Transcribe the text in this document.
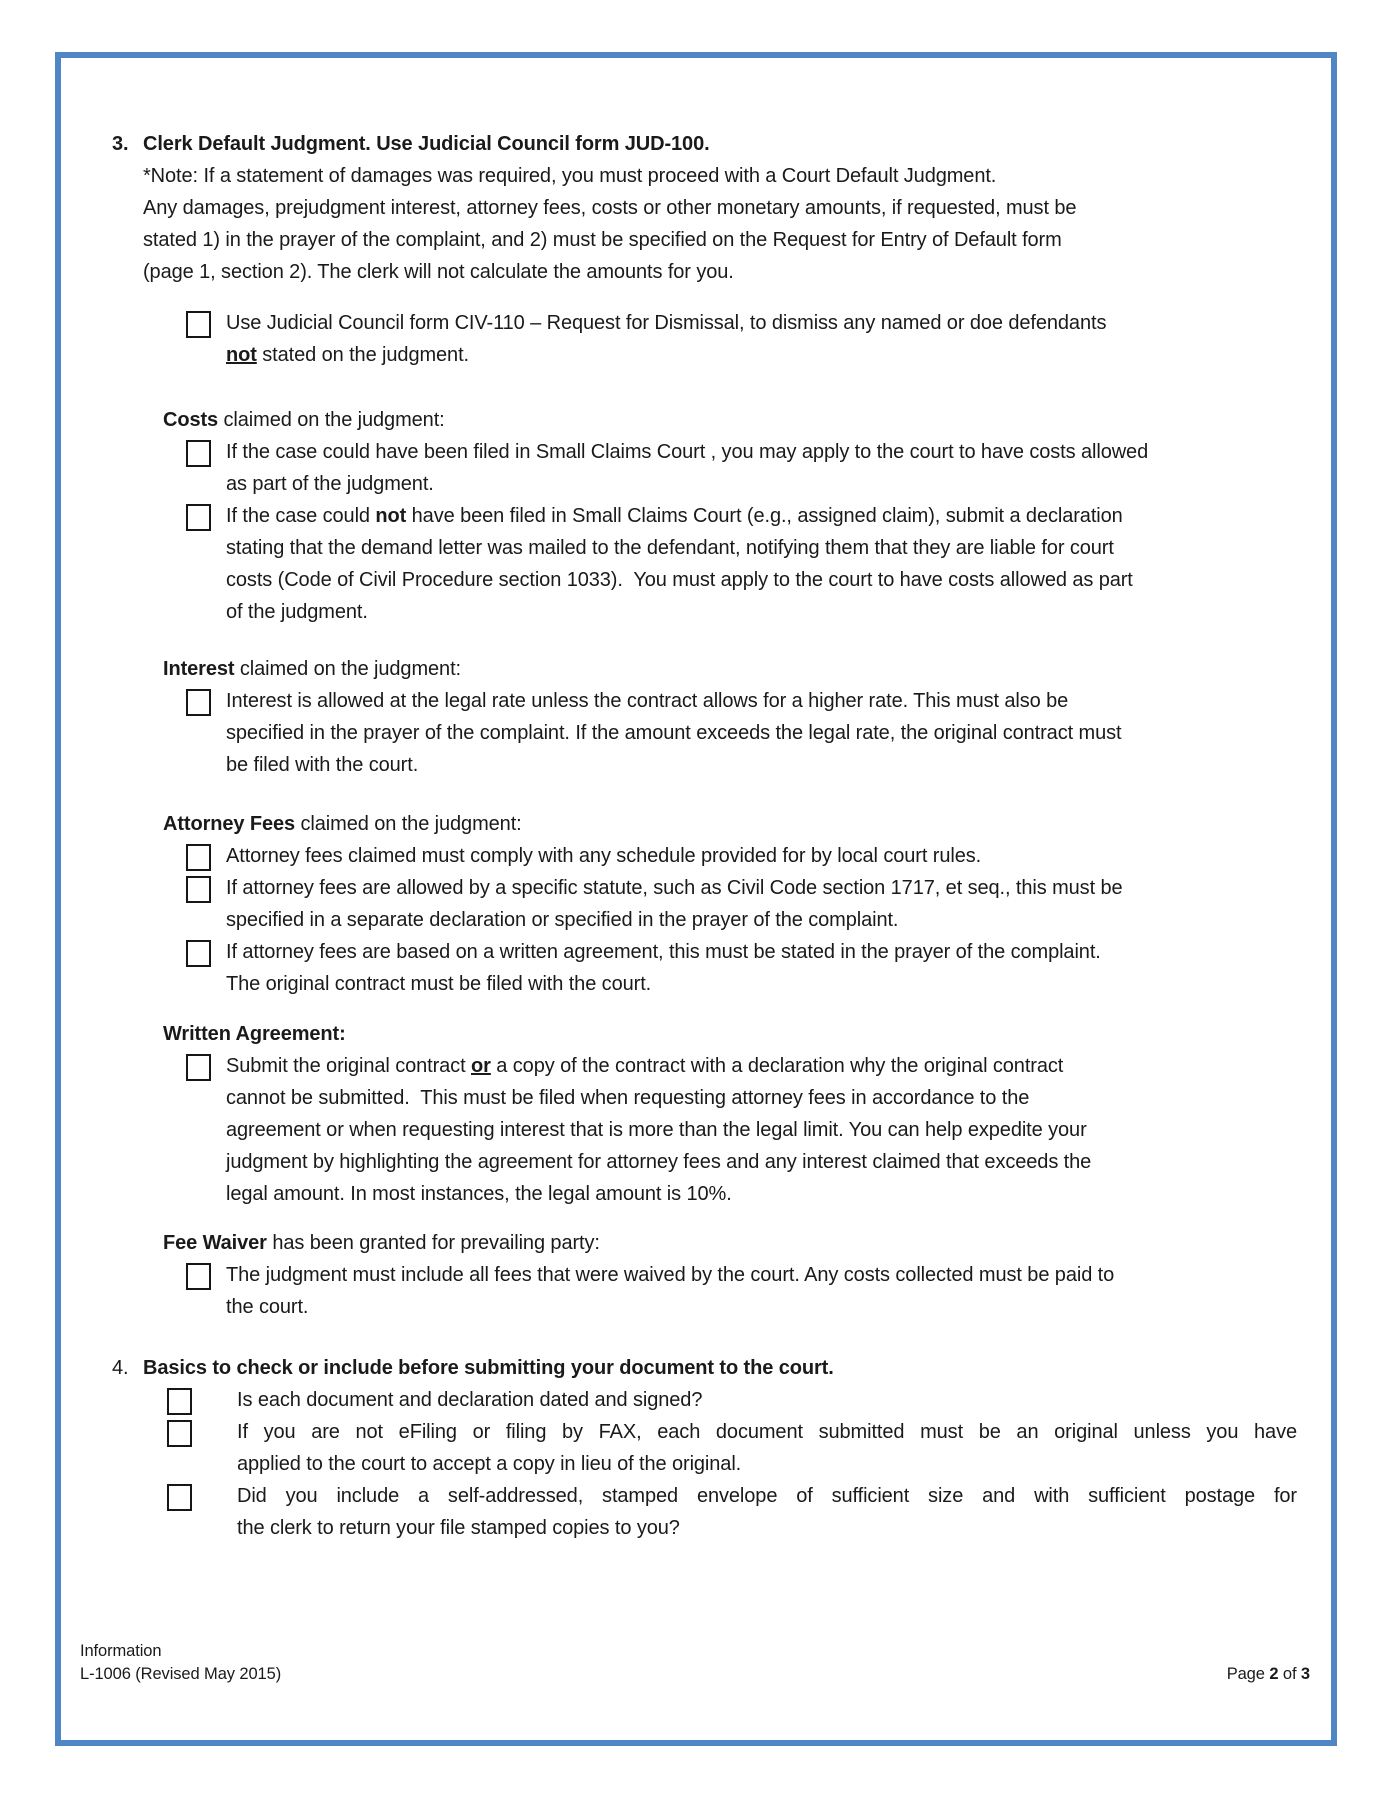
3. Clerk Default Judgment. Use Judicial Council form JUD-100.
*Note: If a statement of damages was required, you must proceed with a Court Default Judgment.
Any damages, prejudgment interest, attorney fees, costs or other monetary amounts, if requested, must be
stated 1) in the prayer of the complaint, and 2) must be specified on the Request for Entry of Default form
(page 1, section 2). The clerk will not calculate the amounts for you.
Use Judicial Council form CIV-110 – Request for Dismissal, to dismiss any named or doe defendants
not stated on the judgment.
Costs claimed on the judgment:
If the case could have been filed in Small Claims Court , you may apply to the court to have costs allowed
as part of the judgment.
If the case could not have been filed in Small Claims Court (e.g., assigned claim), submit a declaration
stating that the demand letter was mailed to the defendant, notifying them that they are liable for court
costs (Code of Civil Procedure section 1033).  You must apply to the court to have costs allowed as part
of the judgment.
Interest claimed on the judgment:
Interest is allowed at the legal rate unless the contract allows for a higher rate. This must also be
specified in the prayer of the complaint. If the amount exceeds the legal rate, the original contract must
be filed with the court.
Attorney Fees claimed on the judgment:
Attorney fees claimed must comply with any schedule provided for by local court rules.
If attorney fees are allowed by a specific statute, such as Civil Code section 1717, et seq., this must be
specified in a separate declaration or specified in the prayer of the complaint.
If attorney fees are based on a written agreement, this must be stated in the prayer of the complaint.
The original contract must be filed with the court.
Written Agreement:
Submit the original contract or a copy of the contract with a declaration why the original contract
cannot be submitted.  This must be filed when requesting attorney fees in accordance to the
agreement or when requesting interest that is more than the legal limit. You can help expedite your
judgment by highlighting the agreement for attorney fees and any interest claimed that exceeds the
legal amount. In most instances, the legal amount is 10%.
Fee Waiver has been granted for prevailing party:
The judgment must include all fees that were waived by the court. Any costs collected must be paid to
the court.
4. Basics to check or include before submitting your document to the court.
Is each document and declaration dated and signed?
If you are not eFiling or filing by FAX, each document submitted must be an original unless you have
applied to the court to accept a copy in lieu of the original.
Did you include a self-addressed, stamped envelope of sufficient size and with sufficient postage for
the clerk to return your file stamped copies to you?
Information
L-1006 (Revised May 2015)	Page 2 of 3
